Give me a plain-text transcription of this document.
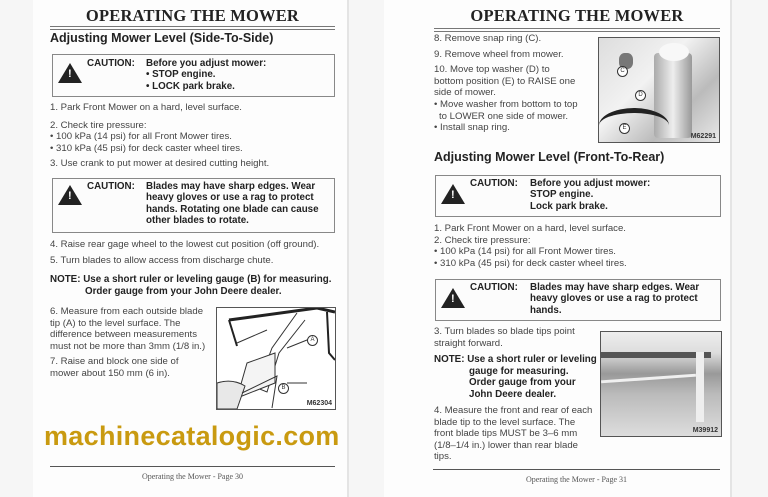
OPERATING THE MOWER
Adjusting Mower Level (Side-To-Side)
!
CAUTION: Before you adjust mower:
• STOP engine.
• LOCK park brake.
1. Park Front Mower on a hard, level surface.
2. Check tire pressure:
• 100 kPa (14 psi) for all Front Mower tires.
• 310 kPa (45 psi) for deck caster wheel tires.
3. Use crank to put mower at desired cutting height.
!
CAUTION: Blades may have sharp edges. Wear
heavy gloves or use a rag to protect
hands. Rotating one blade can cause
other blades to rotate.
4. Raise rear gage wheel to the lowest cut position (off ground).
5. Turn blades to allow access from discharge chute.
NOTE: Use a short ruler or leveling gauge (B) for measuring.
Order gauge from your John Deere dealer.
6. Measure from each outside blade
tip (A) to the level surface. The
difference between measurements
must not be more than 3mm (1/8 in.)
7. Raise and block one side of
mower about 150 mm (6 in).
A
B
M62304
Operating the Mower - Page 30
OPERATING THE MOWER
8. Remove snap ring (C).
9. Remove wheel from mower.
10. Move top washer (D) to
bottom position (E) to RAISE one
side of mower.
• Move washer from bottom to top
to LOWER one side of mower.
• Install snap ring.
C
D
E
M62291
Adjusting Mower Level (Front-To-Rear)
!
CAUTION: Before you adjust mower:
STOP engine.
Lock park brake.
1. Park Front Mower on a hard, level surface.
2. Check tire pressure:
• 100 kPa (14 psi) for all Front Mower tires.
• 310 kPa (45 psi) for deck caster wheel tires.
!
CAUTION: Blades may have sharp edges. Wear
heavy gloves or use a rag to protect
hands.
3. Turn blades so blade tips point
straight forward.
NOTE: Use a short ruler or leveling
gauge for measuring.
Order gauge from your
John Deere dealer.
4. Measure the front and rear of each
blade tip to the level surface. The
front blade tips MUST be 3–6 mm
(1/8–1/4 in.) lower than rear blade
tips.
M39912
Operating the Mower - Page 31
machinecatalogic.com
